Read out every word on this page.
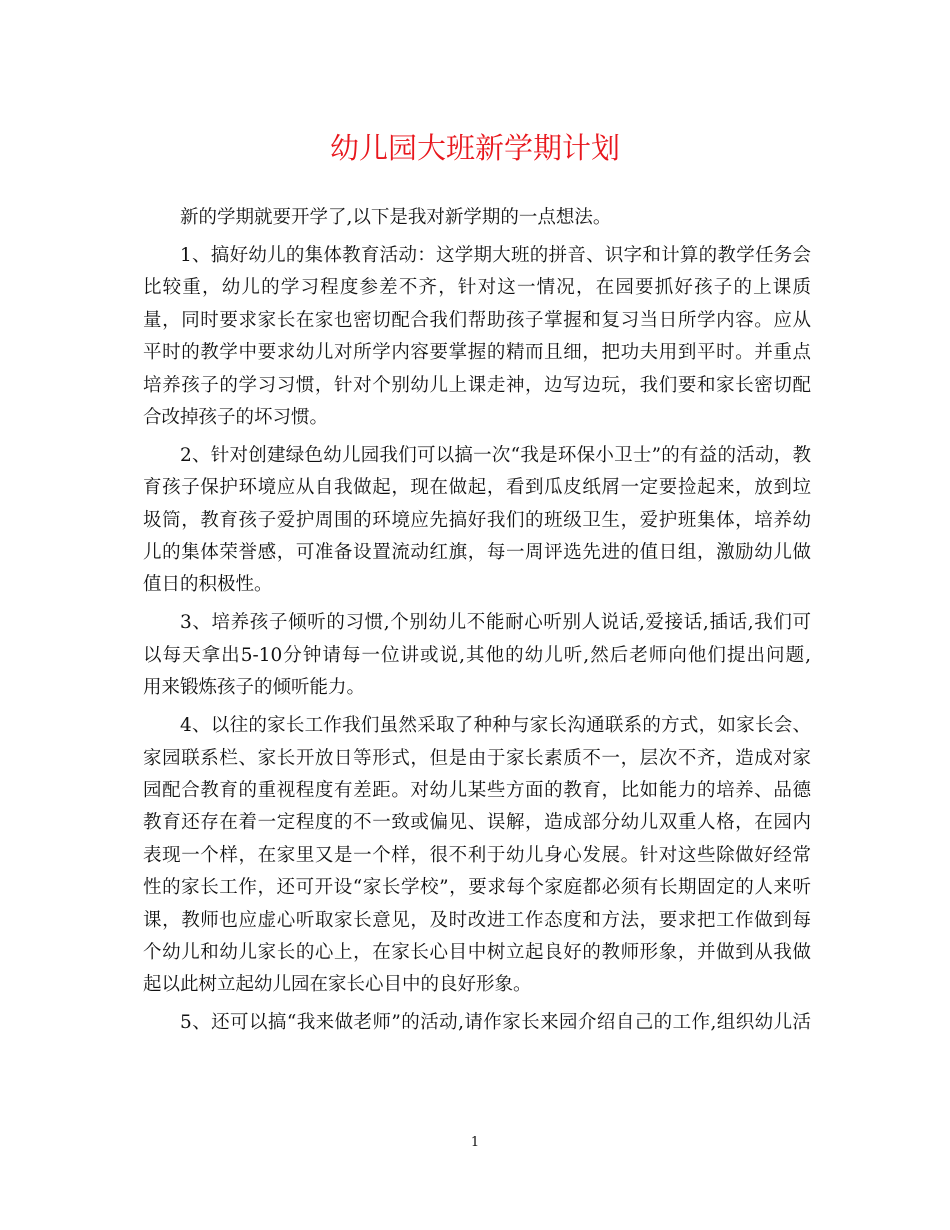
幼儿园大班新学期计划
新的学期就要开学了,以下是我对新学期的一点想法。
1、搞好幼儿的集体教育活动：这学期大班的拼音、识字和计算的教学任务会
比较重，幼儿的学习程度参差不齐，针对这一情况，在园要抓好孩子的上课质
量，同时要求家长在家也密切配合我们帮助孩子掌握和复习当日所学内容。应从
平时的教学中要求幼儿对所学内容要掌握的精而且细，把功夫用到平时。并重点
培养孩子的学习习惯，针对个别幼儿上课走神，边写边玩，我们要和家长密切配
合改掉孩子的坏习惯。
2、针对创建绿色幼儿园我们可以搞一次“我是环保小卫士”的有益的活动，教
育孩子保护环境应从自我做起，现在做起，看到瓜皮纸屑一定要捡起来，放到垃
圾筒，教育孩子爱护周围的环境应先搞好我们的班级卫生，爱护班集体，培养幼
儿的集体荣誉感，可准备设置流动红旗，每一周评选先进的值日组，激励幼儿做
值日的积极性。
3、培养孩子倾听的习惯,个别幼儿不能耐心听别人说话,爱接话,插话,我们可
以每天拿出5-10分钟请每一位讲或说,其他的幼儿听,然后老师向他们提出问题,
用来锻炼孩子的倾听能力。
4、以往的家长工作我们虽然采取了种种与家长沟通联系的方式，如家长会、
家园联系栏、家长开放日等形式，但是由于家长素质不一，层次不齐，造成对家
园配合教育的重视程度有差距。对幼儿某些方面的教育，比如能力的培养、品德
教育还存在着一定程度的不一致或偏见、误解，造成部分幼儿双重人格，在园内
表现一个样，在家里又是一个样，很不利于幼儿身心发展。针对这些除做好经常
性的家长工作，还可开设“家长学校”，要求每个家庭都必须有长期固定的人来听
课，教师也应虚心听取家长意见，及时改进工作态度和方法，要求把工作做到每
个幼儿和幼儿家长的心上，在家长心目中树立起良好的教师形象，并做到从我做
起以此树立起幼儿园在家长心目中的良好形象。
5、还可以搞“我来做老师”的活动,请作家长来园介绍自己的工作,组织幼儿活
1
